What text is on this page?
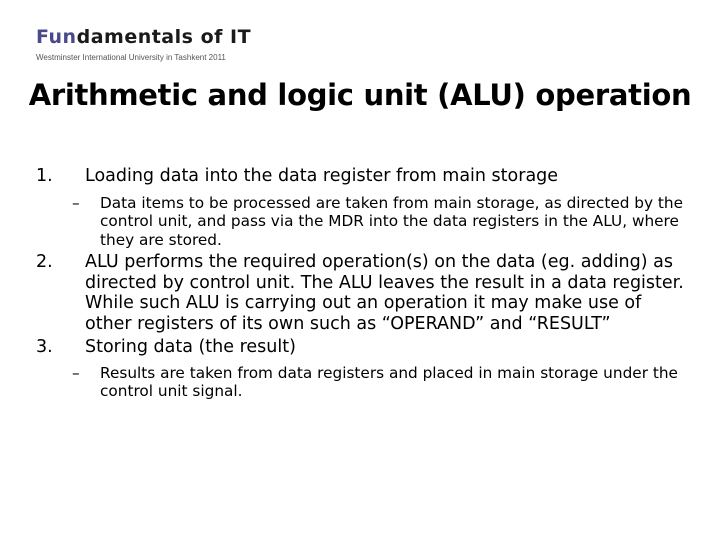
Fundamentals of IT
Westminster International University in Tashkent 2011
Arithmetic and logic unit (ALU) operation
1. Loading data into the data register from main storage
– Data items to be processed are taken from main storage, as directed by the control unit, and pass via the MDR into the data registers in the ALU, where they are stored.
2. ALU performs the required operation(s) on the data (eg. adding) as directed by control unit. The ALU leaves the result in a data register. While such ALU is carrying out an operation it may make use of other registers of its own such as “OPERAND” and “RESULT”
3. Storing data (the result)
– Results are taken from data registers and placed in main storage under the control unit signal.
